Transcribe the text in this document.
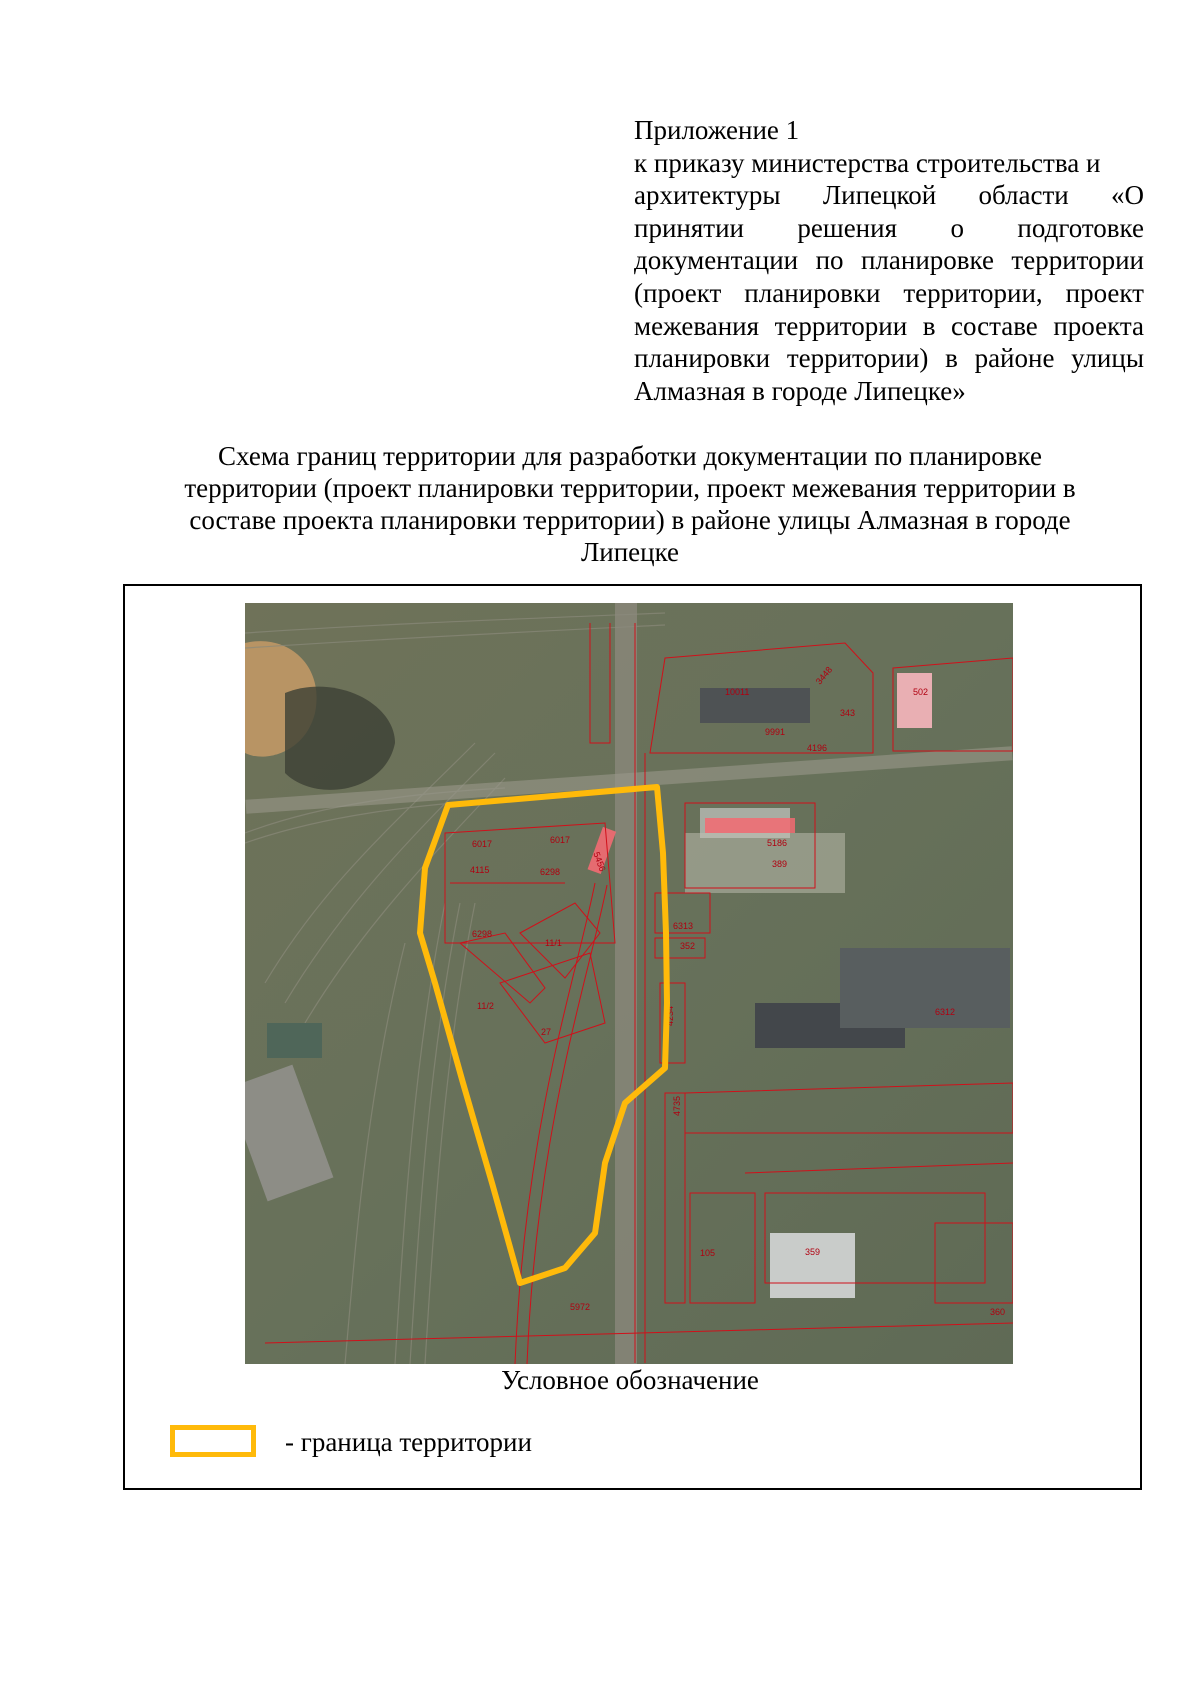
Приложение 1
к приказу министерства строительства и
архитектуры Липецкой области «О
принятии решения о подготовке
документации по планировке территории
(проект планировки территории, проект
межевания территории в составе проекта
планировки территории) в районе улицы
Алмазная в городе Липецке»
Схема границ территории для разработки документации по планировке
территории (проект планировки территории, проект межевания территории в
составе проекта планировки территории) в районе улицы Алмазная в городе
Липецке
10011
3448
343
502
9991
4196
6017	6017
4115	6298	5456
5186
389
6298
11/1
6313
352
4234
11/2
27
6312
4735
105	359
5972	360
Условное обозначение
- граница территории
